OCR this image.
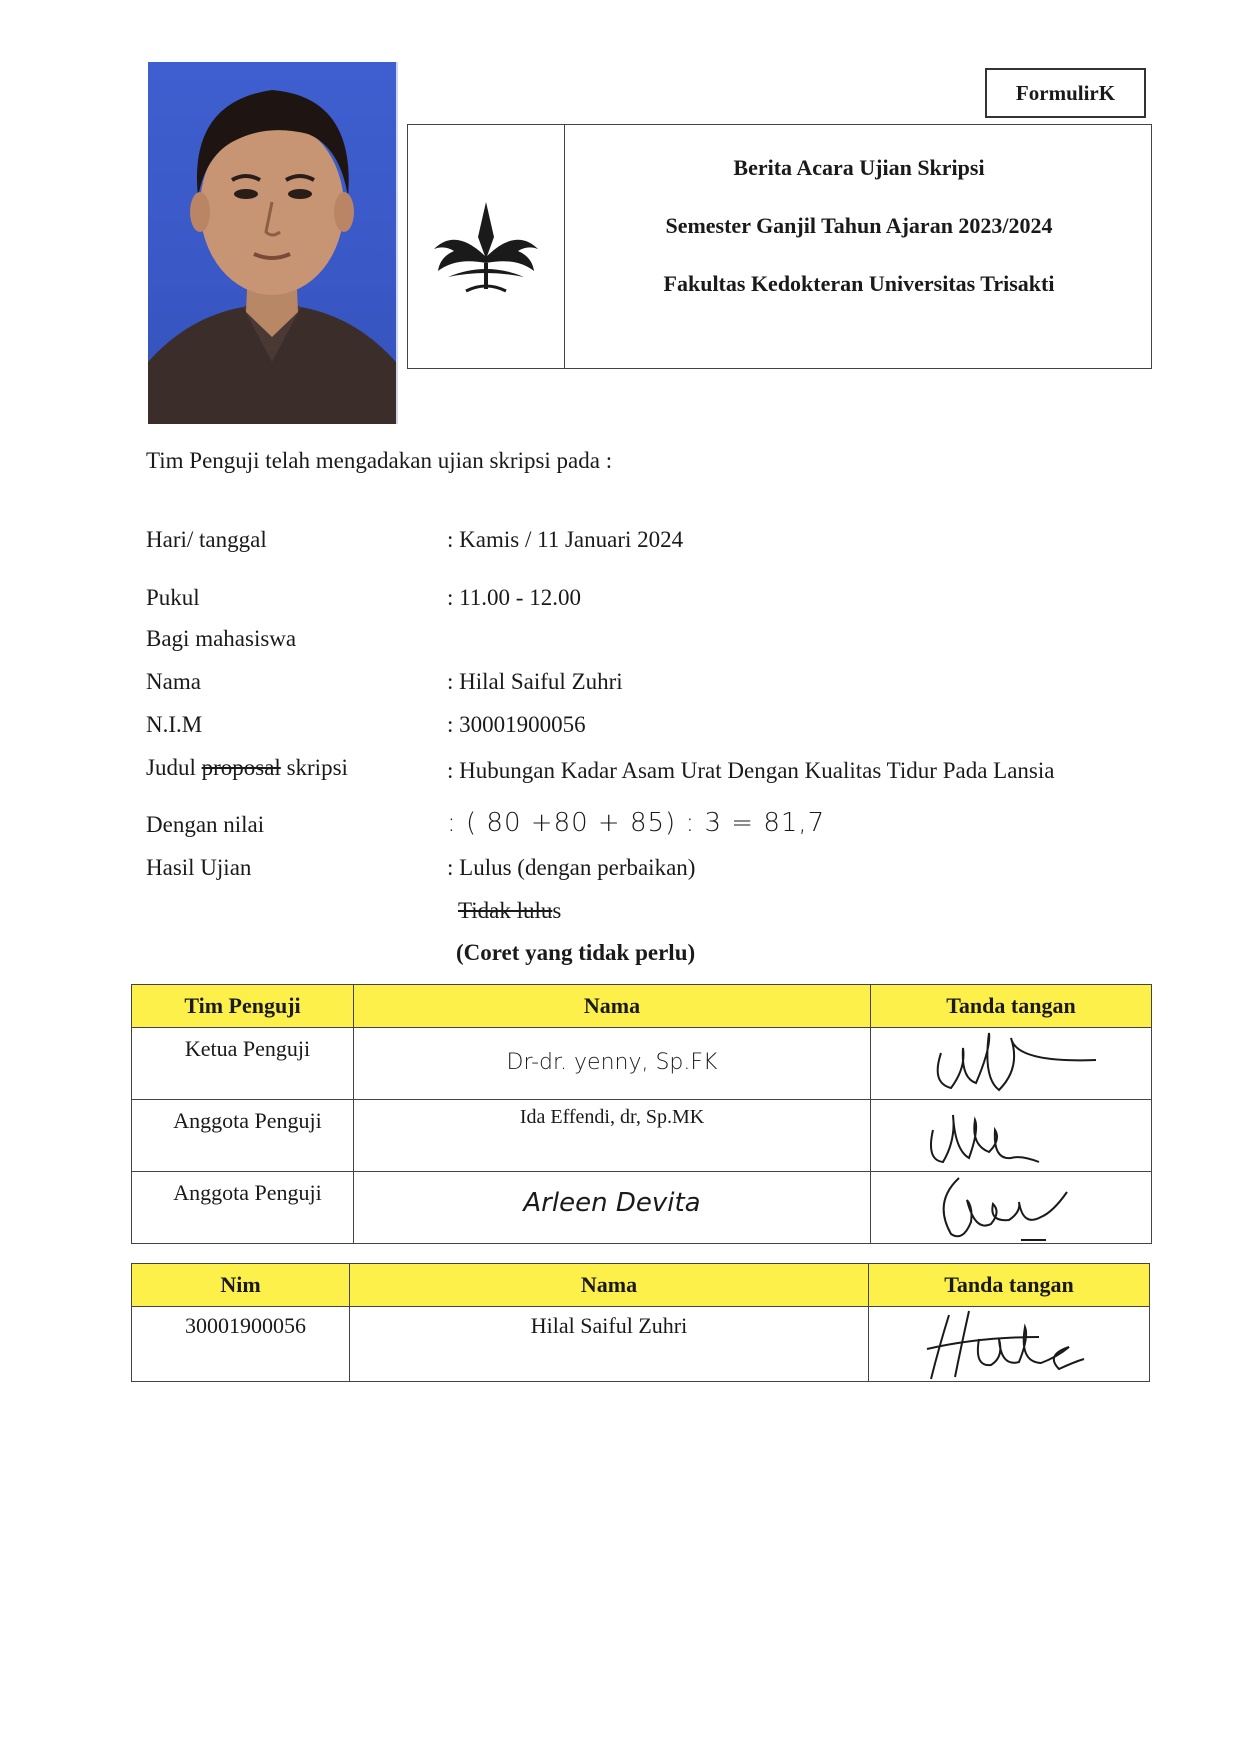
FormulirK
Berita Acara Ujian Skripsi
Semester Ganjil Tahun Ajaran 2023/2024
Fakultas Kedokteran Universitas Trisakti
Tim Penguji telah mengadakan ujian skripsi pada :
Hari/ tanggal	: Kamis / 11 Januari 2024
Pukul	: 11.00 - 12.00
Bagi mahasiswa
Nama	: Hilal Saiful Zuhri
N.I.M	: 30001900056
Judul proposal skripsi	: Hubungan Kadar Asam Urat Dengan Kualitas Tidur Pada Lansia
Dengan nilai	: ( 80 +80 + 85) : 3 = 81,7
Hasil Ujian	: Lulus (dengan perbaikan)
Tidak lulus
(Coret yang tidak perlu)
Tim Penguji	Nama	Tanda tangan
Ketua Penguji	Dr-dr. yenny, Sp.FK	

Anggota Penguji	Ida Effendi, dr, Sp.MK	

Anggota Penguji	Arleen Devita	
Nim	Nama	Tanda tangan
30001900056	Hilal Saiful Zuhri	
